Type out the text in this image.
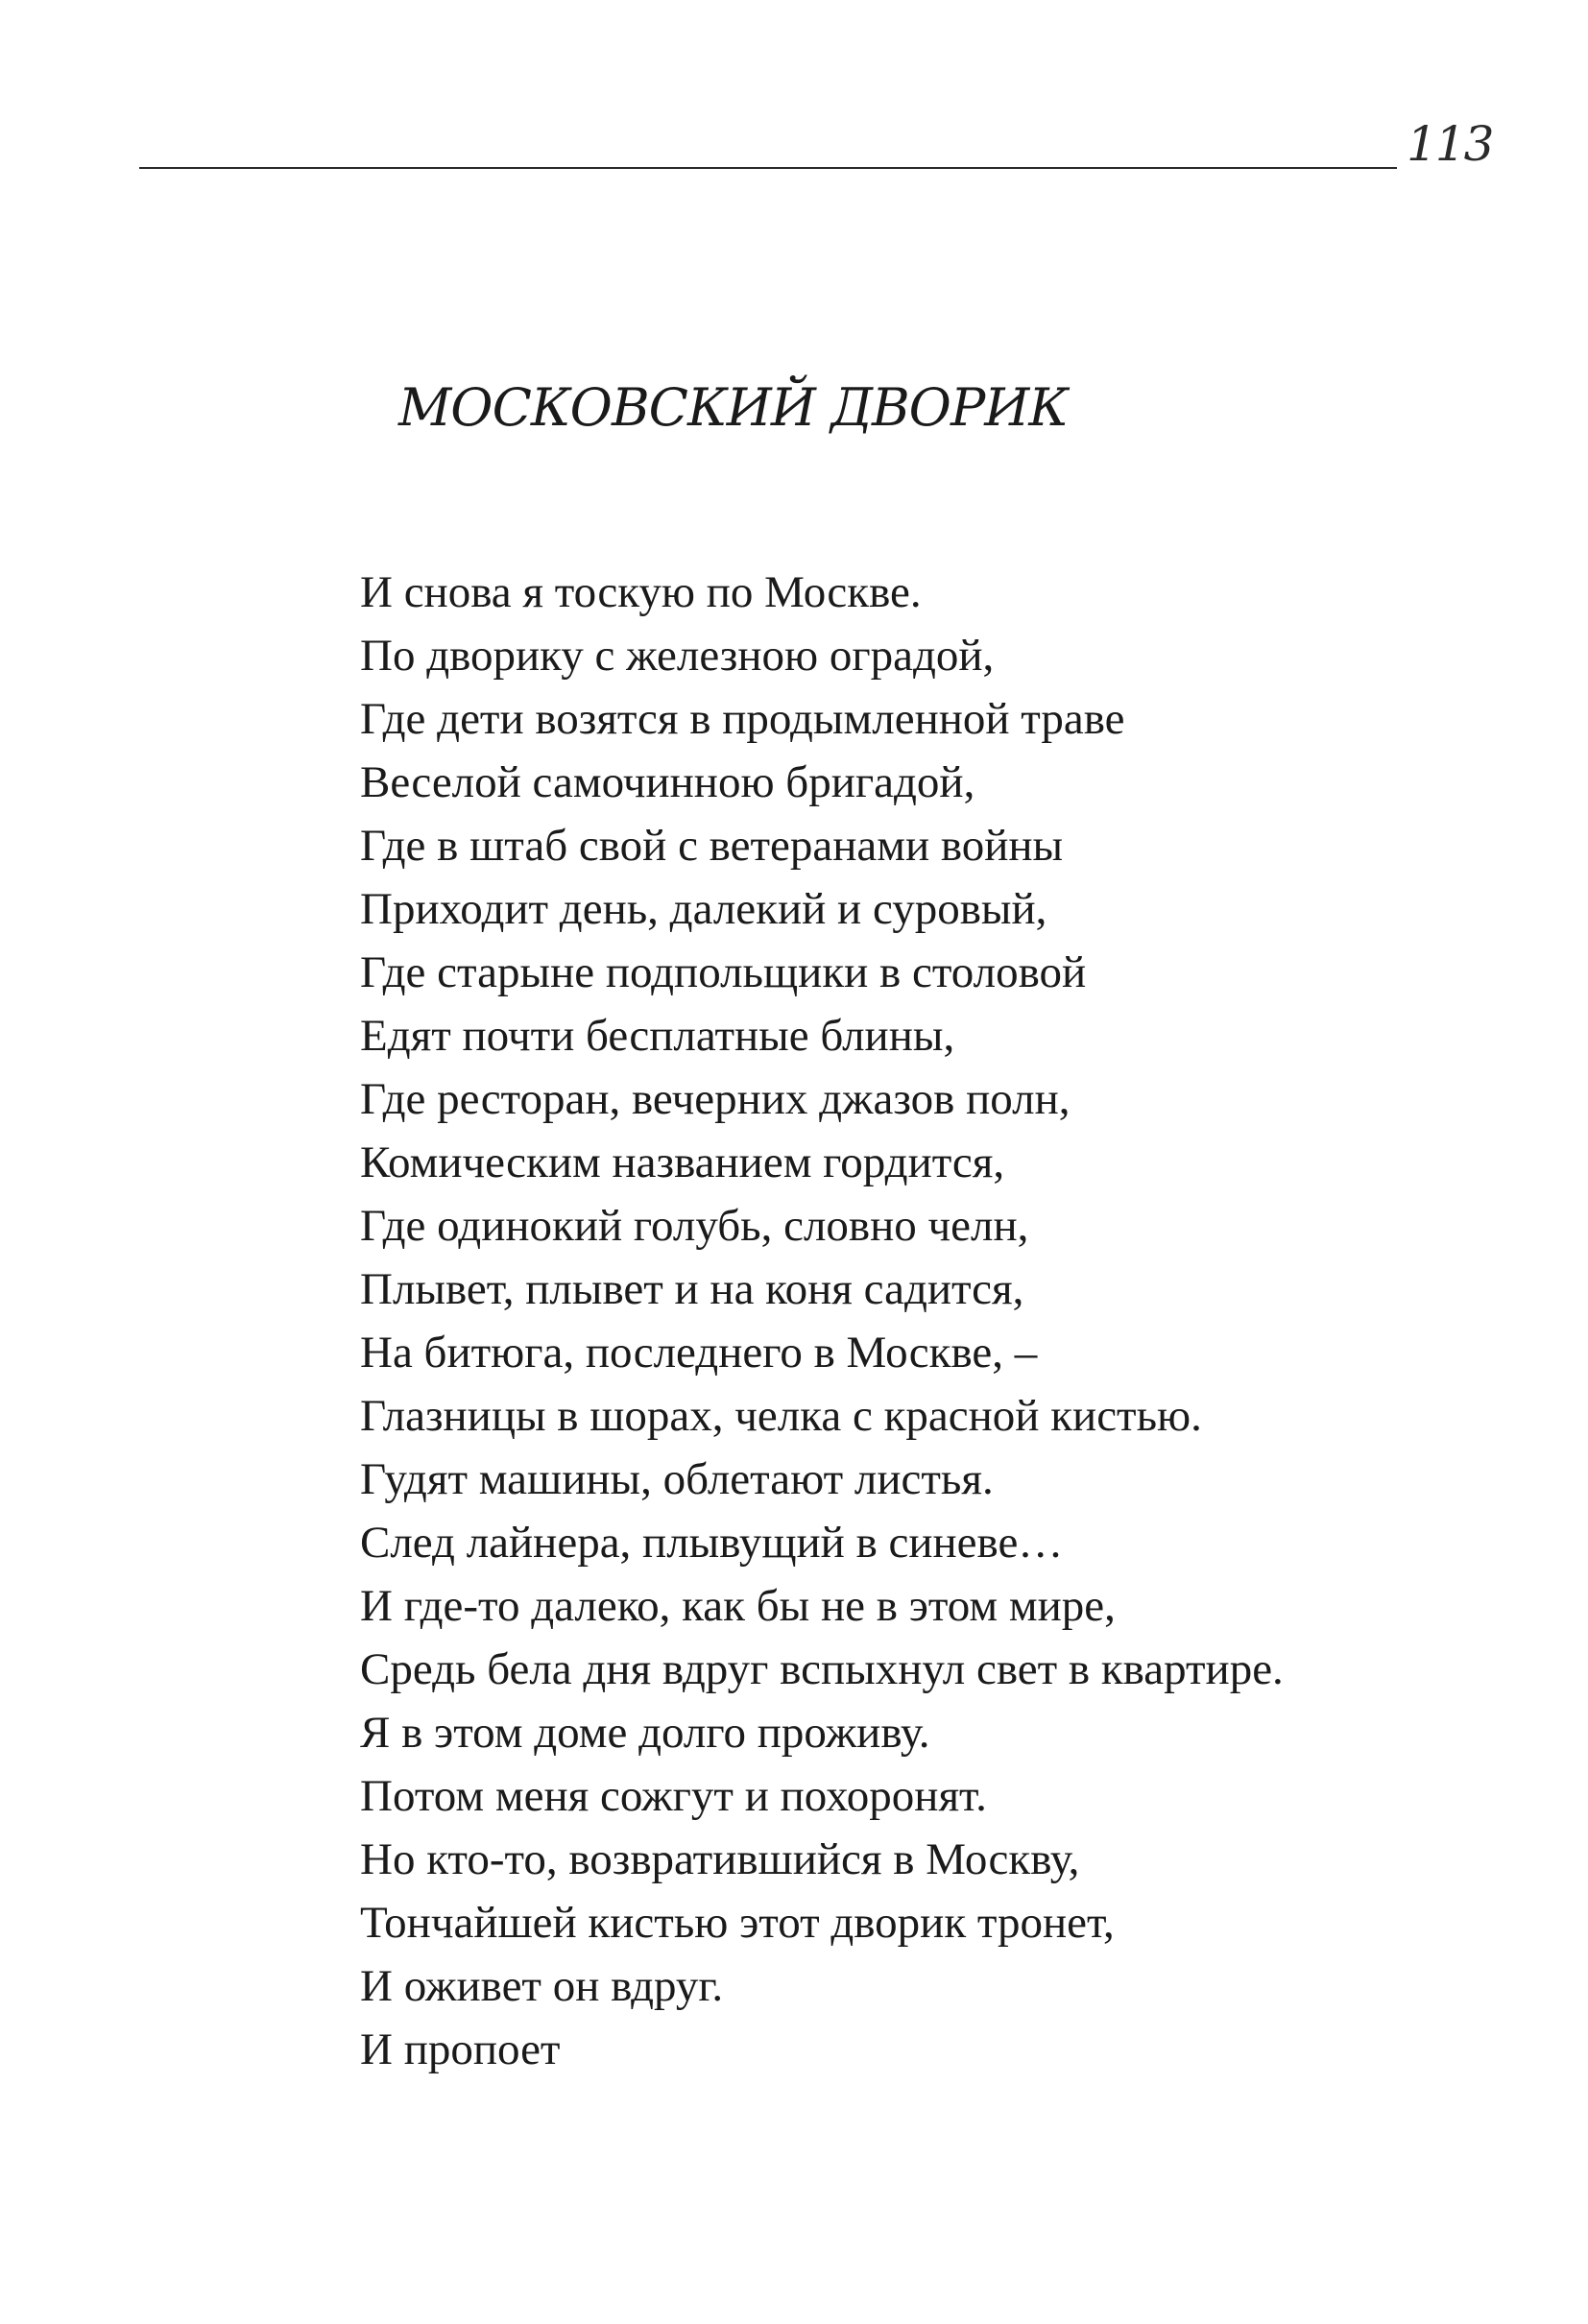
113
МОСКОВСКИЙ ДВОРИК
И снова я тоскую по Москве.
По дворику с железною оградой,
Где дети возятся в продымленной траве
Веселой самочинною бригадой,
Где в штаб свой с ветеранами войны
Приходит день, далекий и суровый,
Где старыне подпольщики в столовой
Едят почти бесплатные блины,
Где ресторан, вечерних джазов полн,
Комическим названием гордится,
Где одинокий голубь, словно челн,
Плывет, плывет и на коня садится,
На битюга, последнего в Москве, –
Глазницы в шорах, челка с красной кистью.
Гудят машины, облетают листья.
След лайнера, плывущий в синеве…
И где-то далеко, как бы не в этом мире,
Средь бела дня вдруг вспыхнул свет в квартире.
Я в этом доме долго проживу.
Потом меня сожгут и похоронят.
Но кто-то, возвратившийся в Москву,
Тончайшей кистью этот дворик тронет,
И оживет он вдруг.
И пропоет
